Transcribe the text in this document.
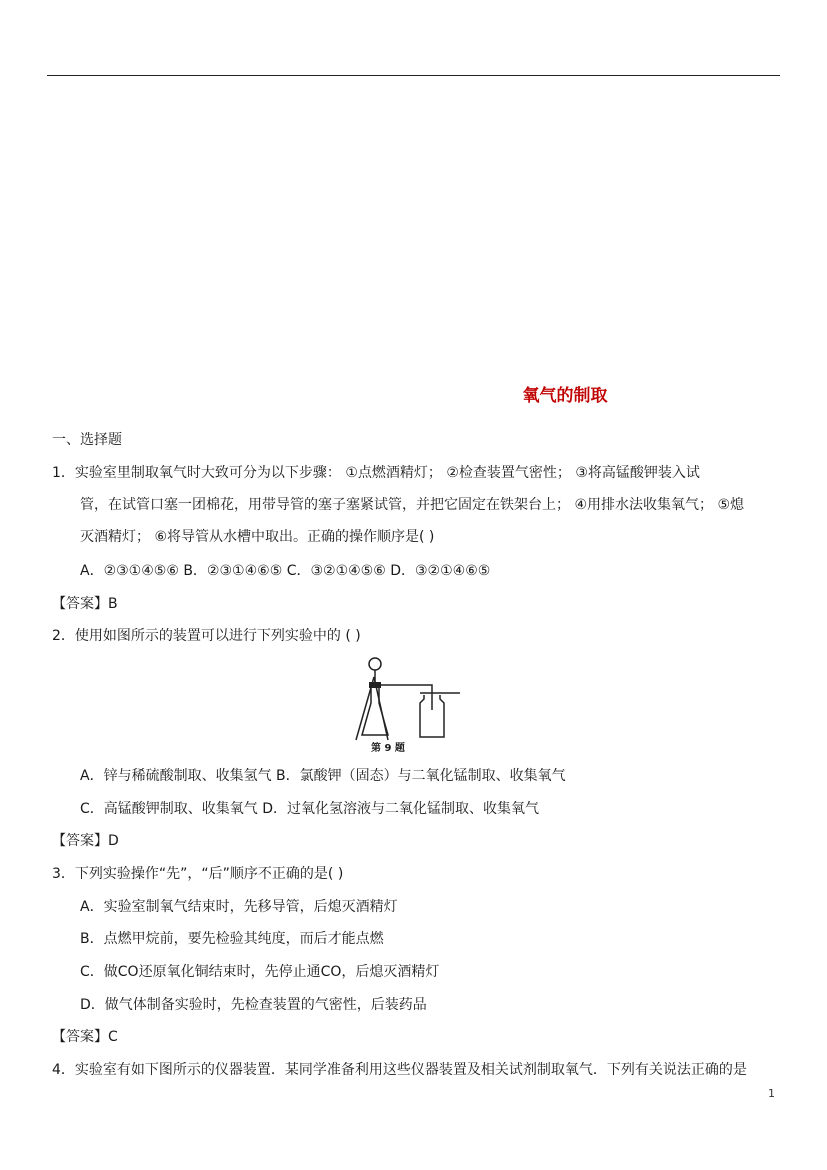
氧气的制取
一、选择题
1．实验室里制取氧气时大致可分为以下步骤： ①点燃酒精灯； ②检查装置气密性； ③将高锰酸钾装入试
管，在试管口塞一团棉花，用带导管的塞子塞紧试管，并把它固定在铁架台上； ④用排水法收集氧气； ⑤熄
灭酒精灯； ⑥将导管从水槽中取出。正确的操作顺序是( )
A．②③①④⑤⑥ B．②③①④⑥⑤ C．③②①④⑤⑥ D．③②①④⑥⑤
【答案】B
2．使用如图所示的装置可以进行下列实验中的 ( )
第 9 题
A．锌与稀硫酸制取、收集氢气 B．氯酸钾（固态）与二氧化锰制取、收集氧气
C．高锰酸钾制取、收集氧气 D．过氧化氢溶液与二氧化锰制取、收集氧气
【答案】D
3．下列实验操作“先”，“后”顺序不正确的是( )
A．实验室制氧气结束时，先移导管，后熄灭酒精灯
B．点燃甲烷前，要先检验其纯度，而后才能点燃
C．做CO还原氧化铜结束时，先停止通CO，后熄灭酒精灯
D．做气体制备实验时，先检查装置的气密性，后装药品
【答案】C
4．实验室有如下图所示的仪器装置．某同学准备利用这些仪器装置及相关试剂制取氧气．下列有关说法正确的是
1
